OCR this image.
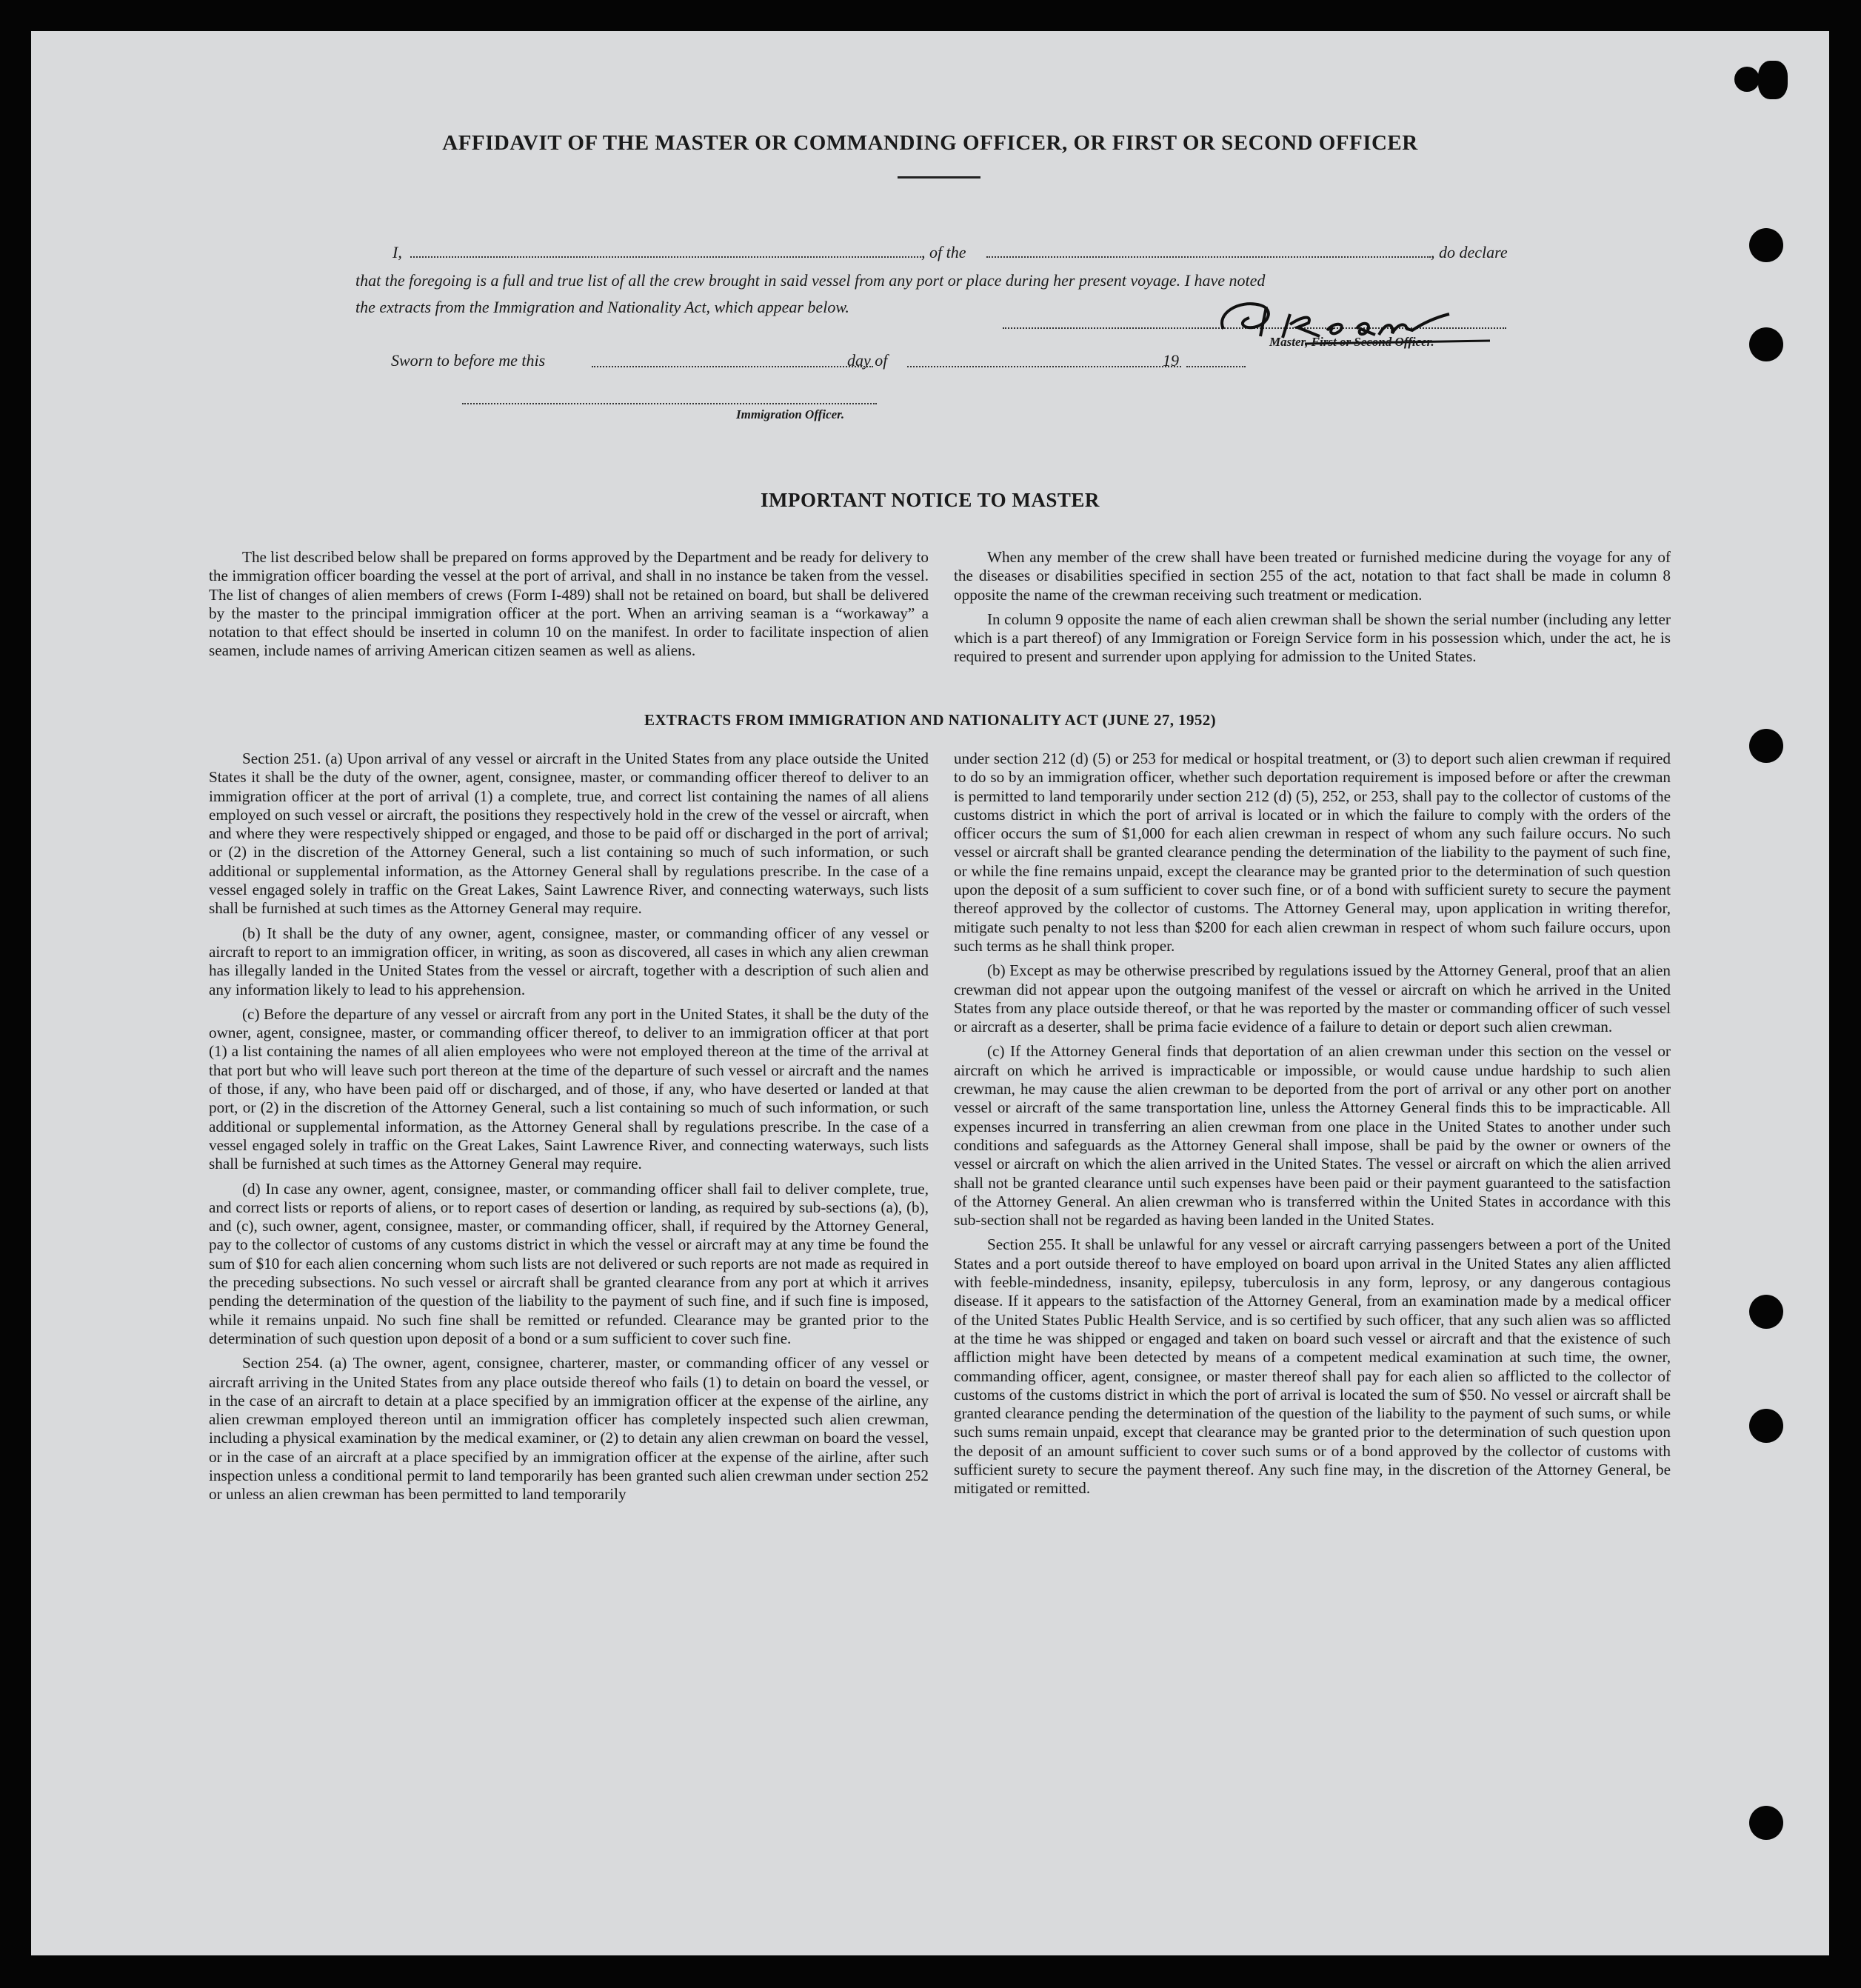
AFFIDAVIT OF THE MASTER OR COMMANDING OFFICER, OR FIRST OR SECOND OFFICER
I,	, of the	, do declare
that the foregoing is a full and true list of all the crew brought in said vessel from any port or place during her present voyage. I have noted
the extracts from the Immigration and Nationality Act, which appear below.
Master, First or Second Officer.
Sworn to before me this	day of	19
Immigration Officer.
IMPORTANT NOTICE TO MASTER

The list described below shall be prepared on forms approved by the Department and be ready for delivery to the immigration officer boarding the vessel at the port of arrival, and shall in no instance be taken from the vessel. The list of changes of alien members of crews (Form I-489) shall not be retained on board, but shall be delivered by the master to the principal immigration officer at the port. When an arriving seaman is a “workaway” a notation to that effect should be inserted in column 10 on the manifest. In order to facilitate inspection of alien seamen, include names of arriving American citizen seamen as well as aliens.

When any member of the crew shall have been treated or furnished medicine during the voyage for any of the diseases or disabilities specified in section 255 of the act, notation to that fact shall be made in column 8 opposite the name of the crewman receiving such treatment or medication.

In column 9 opposite the name of each alien crewman shall be shown the serial number (including any letter which is a part thereof) of any Immigration or Foreign Service form in his possession which, under the act, he is required to present and surrender upon applying for admission to the United States.

EXTRACTS FROM IMMIGRATION AND NATIONALITY ACT (JUNE 27, 1952)

Section 251. (a) Upon arrival of any vessel or aircraft in the United States from any place outside the United States it shall be the duty of the owner, agent, consignee, master, or commanding officer thereof to deliver to an immigration officer at the port of arrival (1) a complete, true, and correct list containing the names of all aliens employed on such vessel or aircraft, the positions they respectively hold in the crew of the vessel or aircraft, when and where they were respectively shipped or engaged, and those to be paid off or discharged in the port of arrival; or (2) in the discretion of the Attorney General, such a list containing so much of such information, or such additional or supplemental information, as the Attorney General shall by regulations prescribe. In the case of a vessel engaged solely in traffic on the Great Lakes, Saint Lawrence River, and connecting waterways, such lists shall be furnished at such times as the Attorney General may require.

(b) It shall be the duty of any owner, agent, consignee, master, or commanding officer of any vessel or aircraft to report to an immigration officer, in writing, as soon as discovered, all cases in which any alien crewman has illegally landed in the United States from the vessel or aircraft, together with a description of such alien and any information likely to lead to his apprehension.

(c) Before the departure of any vessel or aircraft from any port in the United States, it shall be the duty of the owner, agent, consignee, master, or commanding officer thereof, to deliver to an immigration officer at that port (1) a list containing the names of all alien employees who were not employed thereon at the time of the arrival at that port but who will leave such port thereon at the time of the departure of such vessel or aircraft and the names of those, if any, who have been paid off or discharged, and of those, if any, who have deserted or landed at that port, or (2) in the discretion of the Attorney General, such a list containing so much of such information, or such additional or supplemental information, as the Attorney General shall by regulations prescribe. In the case of a vessel engaged solely in traffic on the Great Lakes, Saint Lawrence River, and connecting waterways, such lists shall be furnished at such times as the Attorney General may require.

(d) In case any owner, agent, consignee, master, or commanding officer shall fail to deliver complete, true, and correct lists or reports of aliens, or to report cases of desertion or landing, as required by sub-sections (a), (b), and (c), such owner, agent, consignee, master, or commanding officer, shall, if required by the Attorney General, pay to the collector of customs of any customs district in which the vessel or aircraft may at any time be found the sum of $10 for each alien concerning whom such lists are not delivered or such reports are not made as required in the preceding subsections. No such vessel or aircraft shall be granted clearance from any port at which it arrives pending the determination of the question of the liability to the payment of such fine, and if such fine is imposed, while it remains unpaid. No such fine shall be remitted or refunded. Clearance may be granted prior to the determination of such question upon deposit of a bond or a sum sufficient to cover such fine.

Section 254. (a) The owner, agent, consignee, charterer, master, or commanding officer of any vessel or aircraft arriving in the United States from any place outside thereof who fails (1) to detain on board the vessel, or in the case of an aircraft to detain at a place specified by an immigration officer at the expense of the airline, any alien crewman employed thereon until an immigration officer has completely inspected such alien crewman, including a physical examination by the medical examiner, or (2) to detain any alien crewman on board the vessel, or in the case of an aircraft at a place specified by an immigration officer at the expense of the airline, after such inspection unless a conditional permit to land temporarily has been granted such alien crewman under section 252 or unless an alien crewman has been permitted to land temporarily

under section 212 (d) (5) or 253 for medical or hospital treatment, or (3) to deport such alien crewman if required to do so by an immigration officer, whether such deportation requirement is imposed before or after the crewman is permitted to land temporarily under section 212 (d) (5), 252, or 253, shall pay to the collector of customs of the customs district in which the port of arrival is located or in which the failure to comply with the orders of the officer occurs the sum of $1,000 for each alien crewman in respect of whom any such failure occurs. No such vessel or aircraft shall be granted clearance pending the determination of the liability to the payment of such fine, or while the fine remains unpaid, except the clearance may be granted prior to the determination of such question upon the deposit of a sum sufficient to cover such fine, or of a bond with sufficient surety to secure the payment thereof approved by the collector of customs. The Attorney General may, upon application in writing therefor, mitigate such penalty to not less than $200 for each alien crewman in respect of whom such failure occurs, upon such terms as he shall think proper.

(b) Except as may be otherwise prescribed by regulations issued by the Attorney General, proof that an alien crewman did not appear upon the outgoing manifest of the vessel or aircraft on which he arrived in the United States from any place outside thereof, or that he was reported by the master or commanding officer of such vessel or aircraft as a deserter, shall be prima facie evidence of a failure to detain or deport such alien crewman.

(c) If the Attorney General finds that deportation of an alien crewman under this section on the vessel or aircraft on which he arrived is impracticable or impossible, or would cause undue hardship to such alien crewman, he may cause the alien crewman to be deported from the port of arrival or any other port on another vessel or aircraft of the same transportation line, unless the Attorney General finds this to be impracticable. All expenses incurred in transferring an alien crewman from one place in the United States to another under such conditions and safeguards as the Attorney General shall impose, shall be paid by the owner or owners of the vessel or aircraft on which the alien arrived in the United States. The vessel or aircraft on which the alien arrived shall not be granted clearance until such expenses have been paid or their payment guaranteed to the satisfaction of the Attorney General. An alien crewman who is transferred within the United States in accordance with this sub-section shall not be regarded as having been landed in the United States.

Section 255. It shall be unlawful for any vessel or aircraft carrying passengers between a port of the United States and a port outside thereof to have employed on board upon arrival in the United States any alien afflicted with feeble-mindedness, insanity, epilepsy, tuberculosis in any form, leprosy, or any dangerous contagious disease. If it appears to the satisfaction of the Attorney General, from an examination made by a medical officer of the United States Public Health Service, and is so certified by such officer, that any such alien was so afflicted at the time he was shipped or engaged and taken on board such vessel or aircraft and that the existence of such affliction might have been detected by means of a competent medical examination at such time, the owner, commanding officer, agent, consignee, or master thereof shall pay for each alien so afflicted to the collector of customs of the customs district in which the port of arrival is located the sum of $50. No vessel or aircraft shall be granted clearance pending the determination of the question of the liability to the payment of such sums, or while such sums remain unpaid, except that clearance may be granted prior to the determination of such question upon the deposit of an amount sufficient to cover such sums or of a bond approved by the collector of customs with sufficient surety to secure the payment thereof. Any such fine may, in the discretion of the Attorney General, be mitigated or remitted.
